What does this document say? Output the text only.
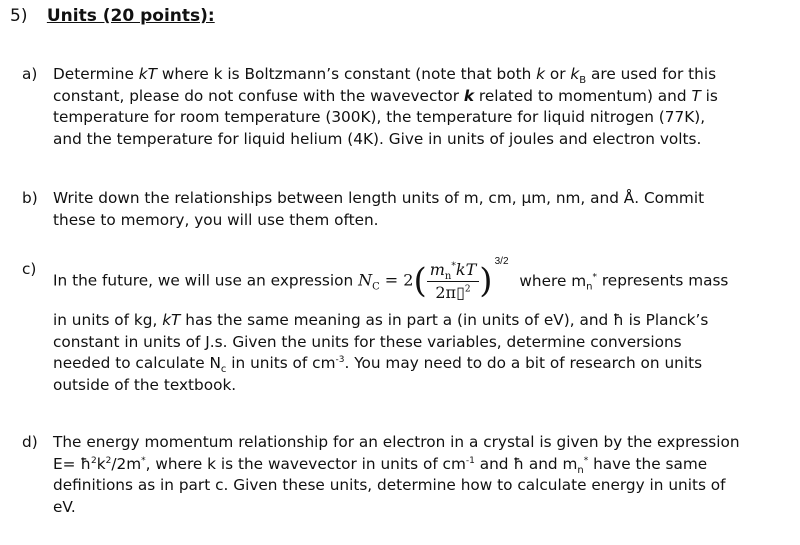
5) Units (20 points):
a) Determine kT where k is Boltzmann’s constant (note that both k or $k_B$ are used for this
constant, please do not confuse with the wavevector k related to momentum) and T is
temperature for room temperature (300K), the temperature for liquid nitrogen (77K),
and the temperature for liquid helium (4K). Give in units of joules and electron volts.
b) Write down the relationships between length units of m, cm, μm, nm, and Å. Commit
these to memory, you will use them often.
c)
In the future, we will use an expression $N_C = 2( \frac{m_n^*kT}{2\pi▯^2}$ ) 3/2
where $m_n^*$ represents mass
in units of kg, kT has the same meaning as in part a (in units of eV), and ħ is Planck’s
constant in units of J.s. Given the units for these variables, determine conversions
needed to calculate $N_c$ in units of $cm^{-3}$. You may need to do a bit of research on units
outside of the textbook.
d) The energy momentum relationship for an electron in a crystal is given by the expression
$E= ħ^2k^2/2m^*$, where k is the wavevector in units of $cm^{-1}$ and ħ and $m_n^*$ have the same
definitions as in part c. Given these units, determine how to calculate energy in units of
eV.
